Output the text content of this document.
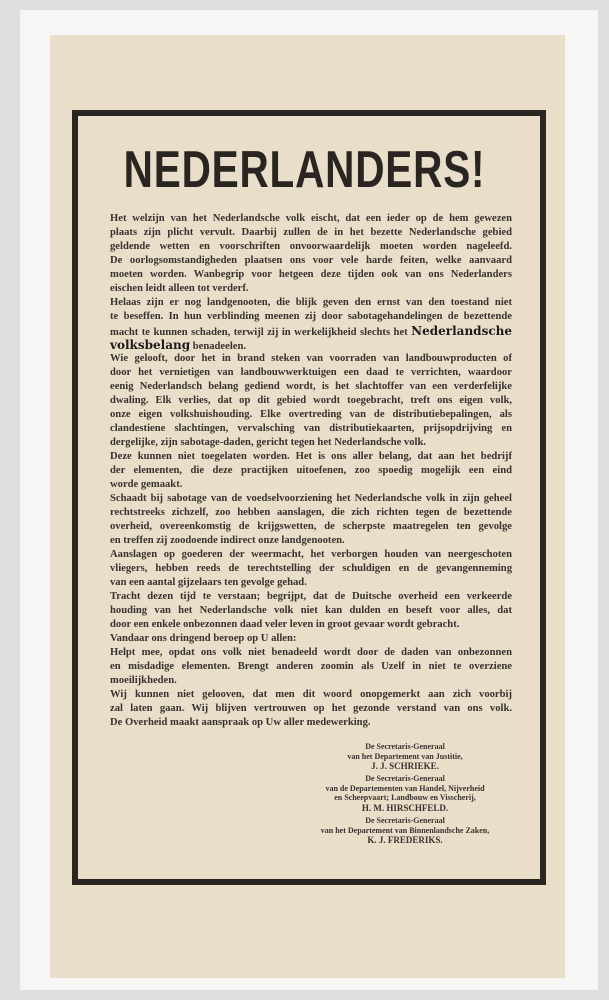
NEDERLANDERS!
Het welzijn van het Nederlandsche volk eischt, dat een ieder op de hem gewezen
plaats zijn plicht vervult. Daarbij zullen de in het bezette Nederlandsche gebied
geldende wetten en voorschriften onvoorwaardelijk moeten worden nageleefd.
De oorlogsomstandigheden plaatsen ons voor vele harde feiten, welke aanvaard
moeten worden. Wanbegrip voor hetgeen deze tijden ook van ons Nederlanders
eischen leidt alleen tot verderf.
Helaas zijn er nog landgenooten, die blijk geven den ernst van den toestand niet
te beseffen. In hun verblinding meenen zij door sabotagehandelingen de bezettende
macht te kunnen schaden, terwijl zij in werkelijkheid slechts het Nederlandsche
volksbelang benadeelen.
Wie gelooft, door het in brand steken van voorraden van landbouwproducten of
door het vernietigen van landbouwwerktuigen een daad te verrichten, waardoor
eenig Nederlandsch belang gediend wordt, is het slachtoffer van een verderfelijke
dwaling. Elk verlies, dat op dit gebied wordt toegebracht, treft ons eigen volk,
onze eigen volkshuishouding. Elke overtreding van de distributiebepalingen, als
clandestiene slachtingen, vervalsching van distributiekaarten, prijsopdrijving en
dergelijke, zijn sabotage-daden, gericht tegen het Nederlandsche volk.
Deze kunnen niet toegelaten worden. Het is ons aller belang, dat aan het bedrijf
der elementen, die deze practijken uitoefenen, zoo spoedig mogelijk een eind
worde gemaakt.
Schaadt bij sabotage van de voedselvoorziening het Nederlandsche volk in zijn geheel
rechtstreeks zichzelf, zoo hebben aanslagen, die zich richten tegen de bezettende
overheid, overeenkomstig de krijgswetten, de scherpste maatregelen ten gevolge
en treffen zij zoodoende indirect onze landgenooten.
Aanslagen op goederen der weermacht, het verborgen houden van neergeschoten
vliegers, hebben reeds de terechtstelling der schuldigen en de gevangenneming
van een aantal gijzelaars ten gevolge gehad.
Tracht dezen tijd te verstaan; begrijpt, dat de Duitsche overheid een verkeerde
houding van het Nederlandsche volk niet kan dulden en beseft voor alles, dat
door een enkele onbezonnen daad veler leven in groot gevaar wordt gebracht.
Vandaar ons dringend beroep op U allen:
Helpt mee, opdat ons volk niet benadeeld wordt door de daden van onbezonnen
en misdadige elementen. Brengt anderen zoomin als Uzelf in niet te overziene
moeilijkheden.
Wij kunnen niet gelooven, dat men dit woord onopgemerkt aan zich voorbij
zal laten gaan. Wij blijven vertrouwen op het gezonde verstand van ons volk.
De Overheid maakt aanspraak op Uw aller medewerking.
De Secretaris-Generaal
van het Departement van Justitie,
J. J. SCHRIEKE.
De Secretaris-Generaal
van de Departementen van Handel, Nijverheid
en Scheepvaart; Landbouw en Visscherij,
H. M. HIRSCHFELD.
De Secretaris-Generaal
van het Departement van Binnenlandsche Zaken,
K. J. FREDERIKS.
